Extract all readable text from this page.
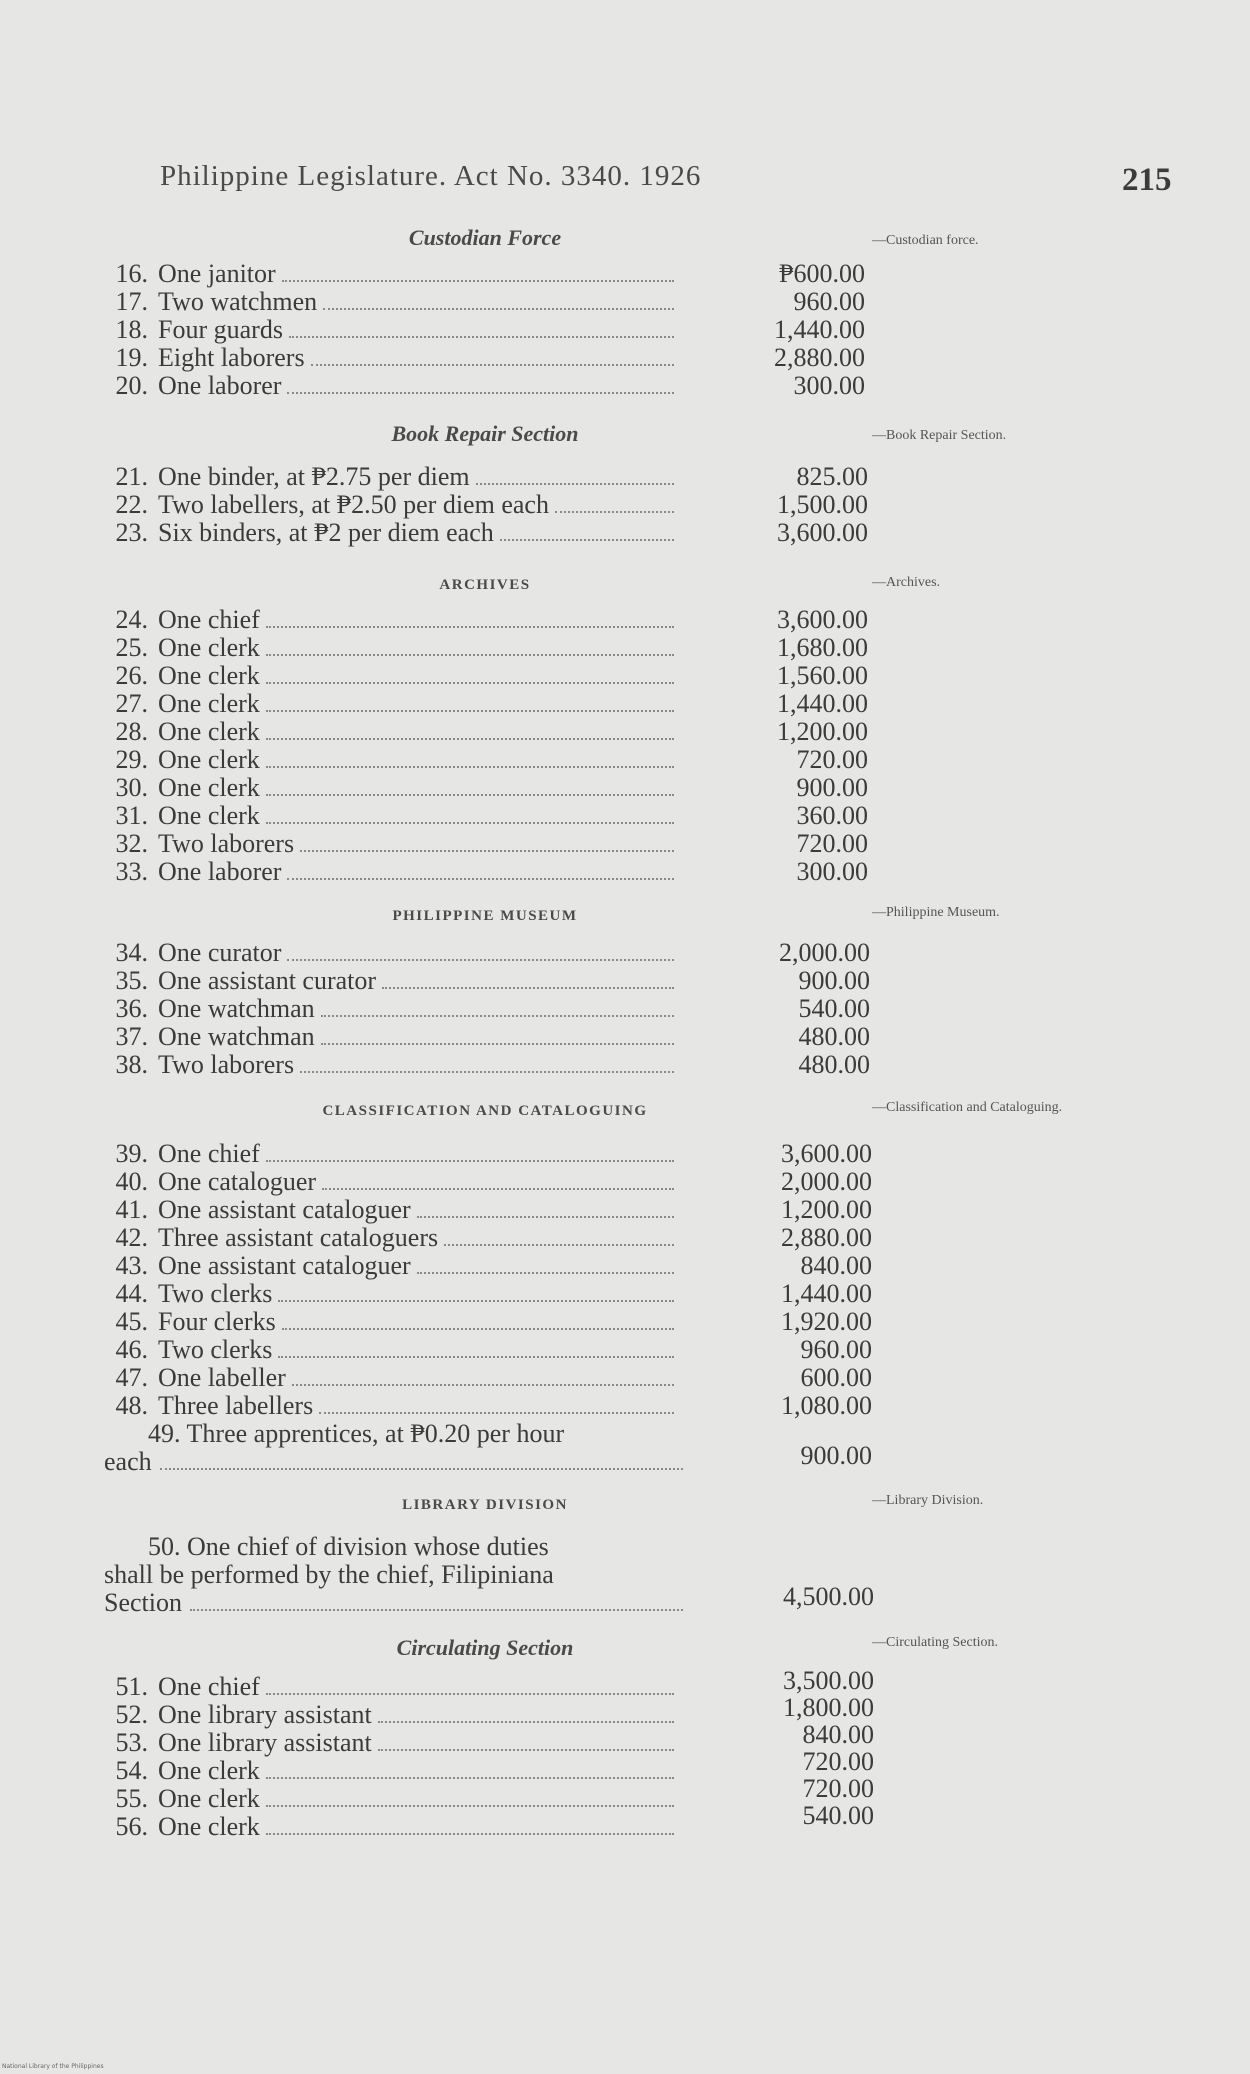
Philippine Legislature. Act No. 3340. 1926	215
Custodian Force	—Custodian force.
16. One janitor	₱600.00
17. Two watchmen	960.00
18. Four guards	1,440.00
19. Eight laborers	2,880.00
20. One laborer	300.00
Book Repair Section	—Book Repair Section.
21. One binder, at ₱2.75 per diem	825.00
22. Two labellers, at ₱2.50 per diem each	1,500.00
23. Six binders, at ₱2 per diem each	3,600.00
ARCHIVES	—Archives.
24. One chief	3,600.00
25. One clerk	1,680.00
26. One clerk	1,560.00
27. One clerk	1,440.00
28. One clerk	1,200.00
29. One clerk	720.00
30. One clerk	900.00
31. One clerk	360.00
32. Two laborers	720.00
33. One laborer	300.00
PHILIPPINE MUSEUM	—Philippine Museum.
34. One curator	2,000.00
35. One assistant curator	900.00
36. One watchman	540.00
37. One watchman	480.00
38. Two laborers	480.00
CLASSIFICATION AND CATALOGUING	—Classification and Cataloguing.
39. One chief	3,600.00
40. One cataloguer	2,000.00
41. One assistant cataloguer	1,200.00
42. Three assistant cataloguers	2,880.00
43. One assistant cataloguer	840.00
44. Two clerks	1,440.00
45. Four clerks	1,920.00
46. Two clerks	960.00
47. One labeller	600.00
48. Three labellers	1,080.00
49. Three apprentices, at ₱0.20 per hour
each	900.00
LIBRARY DIVISION	—Library Division.
50. One chief of division whose duties
shall be performed by the chief, Filipiniana
Section	4,500.00
Circulating Section	—Circulating Section.
51. One chief	3,500.00
52. One library assistant	1,800.00
53. One library assistant	840.00
54. One clerk	720.00
55. One clerk	720.00
56. One clerk	540.00
National Library of the Philippines
